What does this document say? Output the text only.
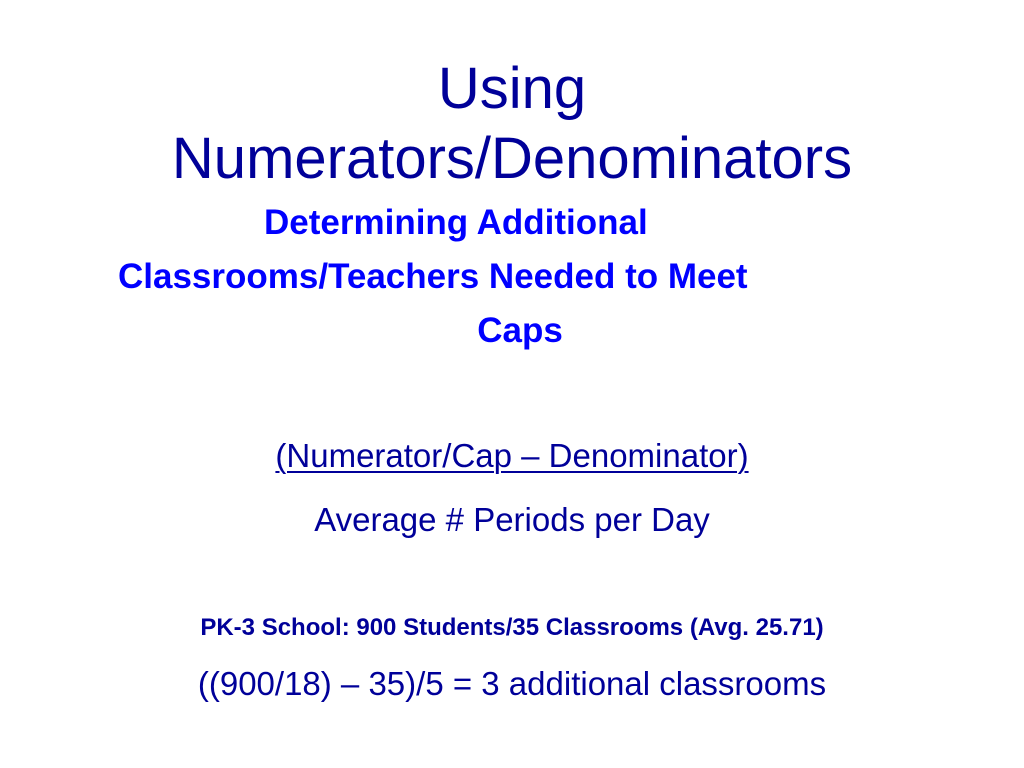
Using
Numerators/Denominators
Determining Additional
Classrooms/Teachers Needed to Meet
Caps
(Numerator/Cap – Denominator)
Average # Periods per Day
PK-3 School: 900 Students/35 Classrooms (Avg. 25.71)
((900/18) – 35)/5 = 3 additional classrooms
